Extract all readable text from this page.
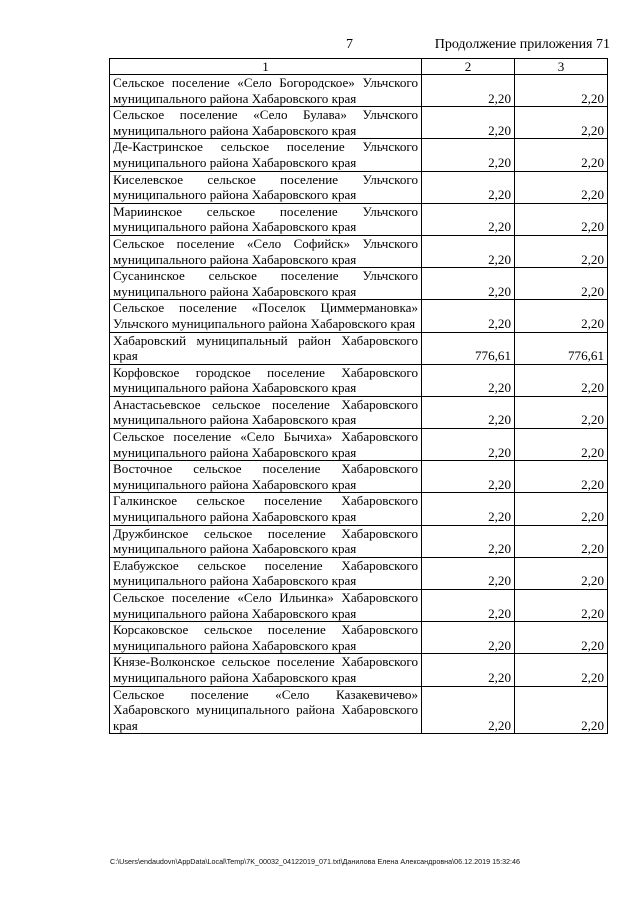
7	Продолжение приложения 71
1	2	3
Сельское поселение «Село Богородское» Ульчского муниципального района Хабаровского края	2,20	2,20
Сельское поселение «Село Булава» Ульчского муниципального района Хабаровского края	2,20	2,20
Де-Кастринское сельское поселение Ульчского муниципального района Хабаровского края	2,20	2,20
Киселевское сельское поселение Ульчского муниципального района Хабаровского края	2,20	2,20
Мариинское сельское поселение Ульчского муниципального района Хабаровского края	2,20	2,20
Сельское поселение «Село Софийск» Ульчского муниципального района Хабаровского края	2,20	2,20
Сусанинское сельское поселение Ульчского муниципального района Хабаровского края	2,20	2,20
Сельское поселение «Поселок Циммермановка» Ульчского муниципального района Хабаровского края	2,20	2,20
Хабаровский муниципальный район Хабаровского края	776,61	776,61
Корфовское городское поселение Хабаровского муниципального района Хабаровского края	2,20	2,20
Анастасьевское сельское поселение Хабаровского муниципального района Хабаровского края	2,20	2,20
Сельское поселение «Село Бычиха» Хабаровского муниципального района Хабаровского края	2,20	2,20
Восточное сельское поселение Хабаровского муниципального района Хабаровского края	2,20	2,20
Галкинское сельское поселение Хабаровского муниципального района Хабаровского края	2,20	2,20
Дружбинское сельское поселение Хабаровского муниципального района Хабаровского края	2,20	2,20
Елабужское сельское поселение Хабаровского муниципального района Хабаровского края	2,20	2,20
Сельское поселение «Село Ильинка» Хабаровского муниципального района Хабаровского края	2,20	2,20
Корсаковское сельское поселение Хабаровского муниципального района Хабаровского края	2,20	2,20
Князе-Волконское сельское поселение Хабаровского муниципального района Хабаровского края	2,20	2,20
Сельское поселение «Село Казакевичево» Хабаровского муниципального района Хабаровского края	2,20	2,20
C:\Users\endaudovn\AppData\Local\Temp\7K_00032_04122019_071.txt\Данилова Елена Александровна\06.12.2019 15:32:46
